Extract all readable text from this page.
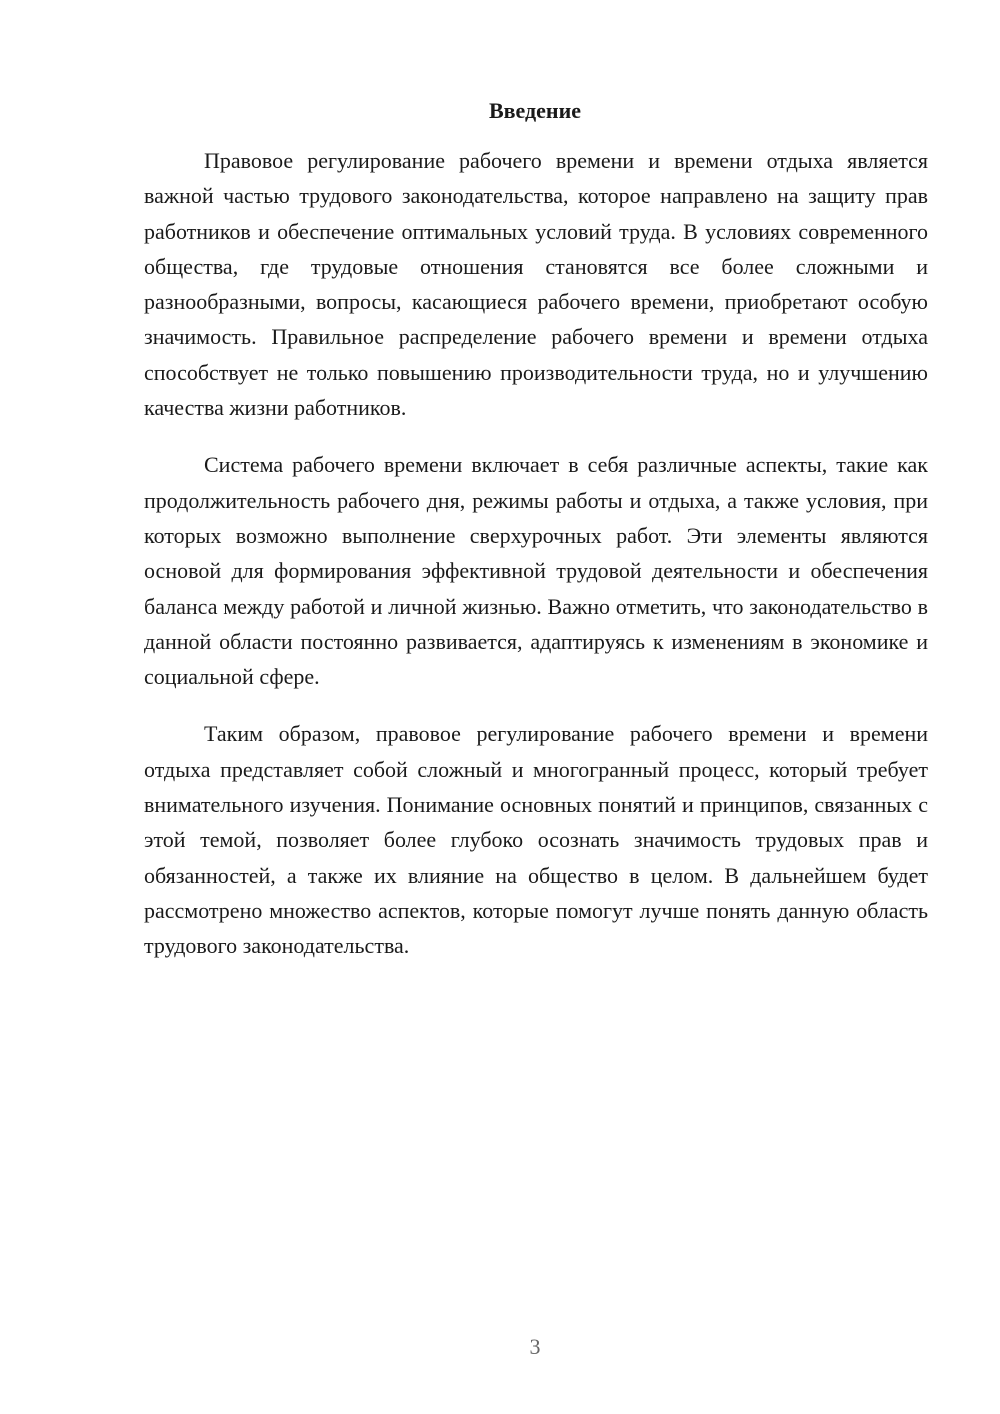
Введение

Правовое регулирование рабочего времени и времени отдыха является важной частью трудового законодательства, которое направлено на защиту прав работников и обеспечение оптимальных условий труда. В условиях современного общества, где трудовые отношения становятся все более сложными и разнообразными, вопросы, касающиеся рабочего времени, приобретают особую значимость. Правильное распределение рабочего времени и времени отдыха способствует не только повышению производительности труда, но и улучшению качества жизни работников.

Система рабочего времени включает в себя различные аспекты, такие как продолжительность рабочего дня, режимы работы и отдыха, а также условия, при которых возможно выполнение сверхурочных работ. Эти элементы являются основой для формирования эффективной трудовой деятельности и обеспечения баланса между работой и личной жизнью. Важно отметить, что законодательство в данной области постоянно развивается, адаптируясь к изменениям в экономике и социальной сфере.

Таким образом, правовое регулирование рабочего времени и времени отдыха представляет собой сложный и многогранный процесс, который требует внимательного изучения. Понимание основных понятий и принципов, связанных с этой темой, позволяет более глубоко осознать значимость трудовых прав и обязанностей, а также их влияние на общество в целом. В дальнейшем будет рассмотрено множество аспектов, которые помогут лучше понять данную область трудового законодательства.

3
